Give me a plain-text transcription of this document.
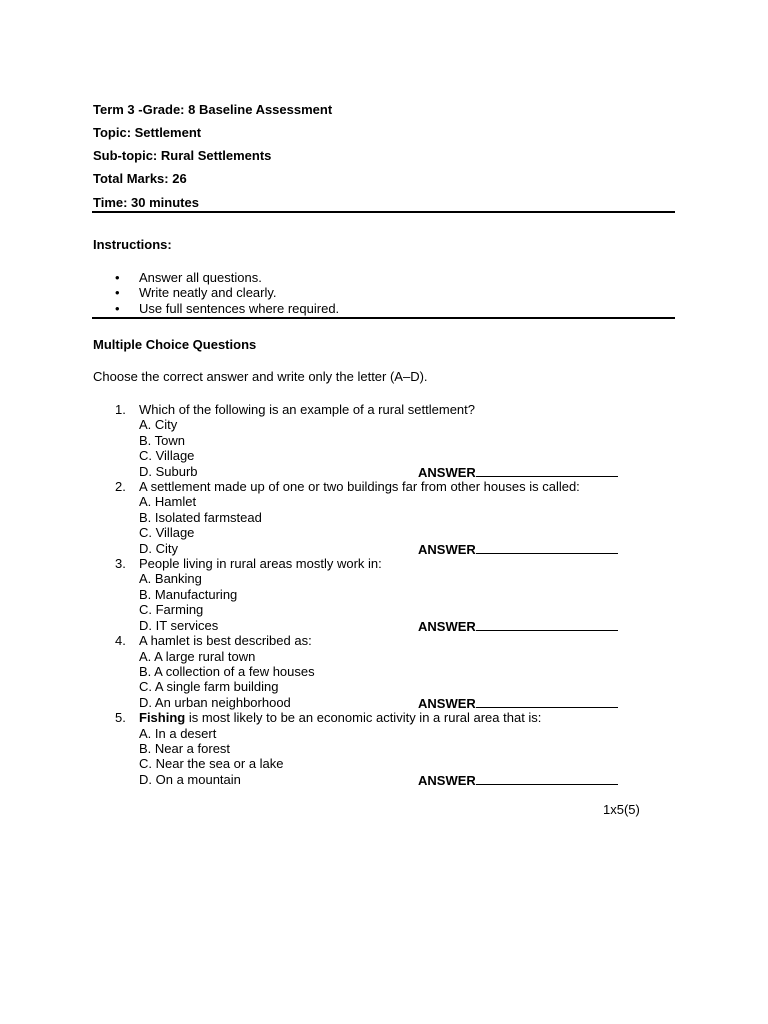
Term 3 -Grade: 8 Baseline Assessment
Topic: Settlement
Sub-topic: Rural Settlements
Total Marks: 26
Time: 30 minutes
Instructions:
• Answer all questions.
• Write neatly and clearly.
• Use full sentences where required.
Multiple Choice Questions
Choose the correct answer and write only the letter (A–D).
1.	Which of the following is an example of a rural settlement?
A. City
B. Town
C. Village
D. Suburb	ANSWER
2.	A settlement made up of one or two buildings far from other houses is called:
A. Hamlet
B. Isolated farmstead
C. Village
D. City	ANSWER
3.	People living in rural areas mostly work in:
A. Banking
B. Manufacturing
C. Farming
D. IT services	ANSWER
4.	A hamlet is best described as:
A. A large rural town
B. A collection of a few houses
C. A single farm building
D. An urban neighborhood	ANSWER
5.	Fishing is most likely to be an economic activity in a rural area that is:
A. In a desert
B. Near a forest
C. Near the sea or a lake
D. On a mountain	ANSWER
1x5(5)
